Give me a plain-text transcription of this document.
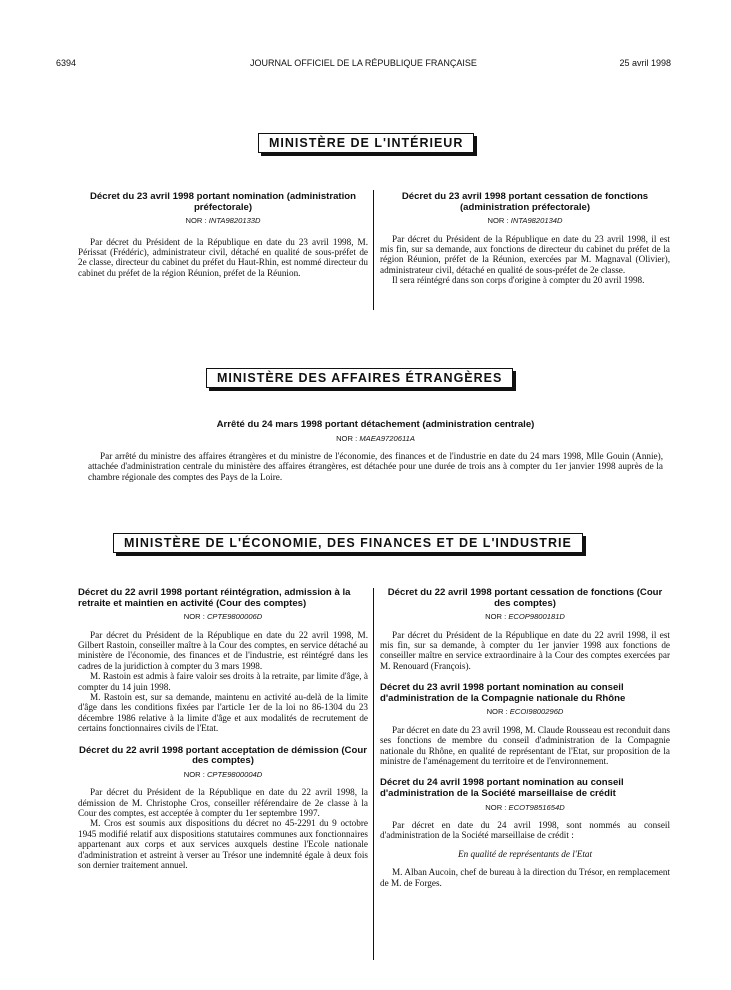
6394	JOURNAL OFFICIEL DE LA RÉPUBLIQUE FRANÇAISE	25 avril 1998
MINISTÈRE DE L'INTÉRIEUR
Décret du 23 avril 1998 portant nomination (administration préfectorale)
NOR : INTA9820133D

Par décret du Président de la République en date du 23 avril 1998, M. Périssat (Frédéric), administrateur civil, détaché en qualité de sous-préfet de 2e classe, directeur du cabinet du préfet du Haut-Rhin, est nommé directeur du cabinet du préfet de la région Réunion, préfet de la Réunion.

Décret du 23 avril 1998 portant cessation de fonctions (administration préfectorale)
NOR : INTA9820134D

Par décret du Président de la République en date du 23 avril 1998, il est mis fin, sur sa demande, aux fonctions de directeur du cabinet du préfet de la région Réunion, préfet de la Réunion, exercées par M. Magnaval (Olivier), administrateur civil, détaché en qualité de sous-préfet de 2e classe.

Il sera réintégré dans son corps d'origine à compter du 20 avril 1998.

MINISTÈRE DES AFFAIRES ÉTRANGÈRES
Arrêté du 24 mars 1998 portant détachement (administration centrale)
NOR : MAEA9720611A

Par arrêté du ministre des affaires étrangères et du ministre de l'économie, des finances et de l'industrie en date du 24 mars 1998, Mlle Gouin (Annie), attachée d'administration centrale du ministère des affaires étrangères, est détachée pour une durée de trois ans à compter du 1er janvier 1998 auprès de la chambre régionale des comptes des Pays de la Loire.

MINISTÈRE DE L'ÉCONOMIE, DES FINANCES ET DE L'INDUSTRIE
Décret du 22 avril 1998 portant réintégration, admission à la retraite et maintien en activité (Cour des comptes)
NOR : CPTE9800006D

Par décret du Président de la République en date du 22 avril 1998, M. Gilbert Rastoin, conseiller maître à la Cour des comptes, en service détaché au ministère de l'économie, des finances et de l'industrie, est réintégré dans les cadres de la juridiction à compter du 3 mars 1998.

M. Rastoin est admis à faire valoir ses droits à la retraite, par limite d'âge, à compter du 14 juin 1998.

M. Rastoin est, sur sa demande, maintenu en activité au-delà de la limite d'âge dans les conditions fixées par l'article 1er de la loi no 86-1304 du 23 décembre 1986 relative à la limite d'âge et aux modalités de recrutement de certains fonctionnaires civils de l'Etat.

Décret du 22 avril 1998 portant acceptation de démission (Cour des comptes)
NOR : CPTE9800004D

Par décret du Président de la République en date du 22 avril 1998, la démission de M. Christophe Cros, conseiller référendaire de 2e classe à la Cour des comptes, est acceptée à compter du 1er septembre 1997.

M. Cros est soumis aux dispositions du décret no 45-2291 du 9 octobre 1945 modifié relatif aux dispositions statutaires communes aux fonctionnaires appartenant aux corps et aux services auxquels destine l'Ecole nationale d'administration et astreint à verser au Trésor une indemnité égale à deux fois son dernier traitement annuel.

Décret du 22 avril 1998 portant cessation de fonctions (Cour des comptes)
NOR : ECOP9800181D

Par décret du Président de la République en date du 22 avril 1998, il est mis fin, sur sa demande, à compter du 1er janvier 1998 aux fonctions de conseiller maître en service extraordinaire à la Cour des comptes exercées par M. Renouard (François).

Décret du 23 avril 1998 portant nomination au conseil d'administration de la Compagnie nationale du Rhône
NOR : ECOI9800296D

Par décret en date du 23 avril 1998, M. Claude Rousseau est reconduit dans ses fonctions de membre du conseil d'administration de la Compagnie nationale du Rhône, en qualité de représentant de l'Etat, sur proposition de la ministre de l'aménagement du territoire et de l'environnement.

Décret du 24 avril 1998 portant nomination au conseil d'administration de la Société marseillaise de crédit
NOR : ECOT9851654D

Par décret en date du 24 avril 1998, sont nommés au conseil d'administration de la Société marseillaise de crédit :

En qualité de représentants de l'Etat

M. Alban Aucoin, chef de bureau à la direction du Trésor, en remplacement de M. de Forges.
